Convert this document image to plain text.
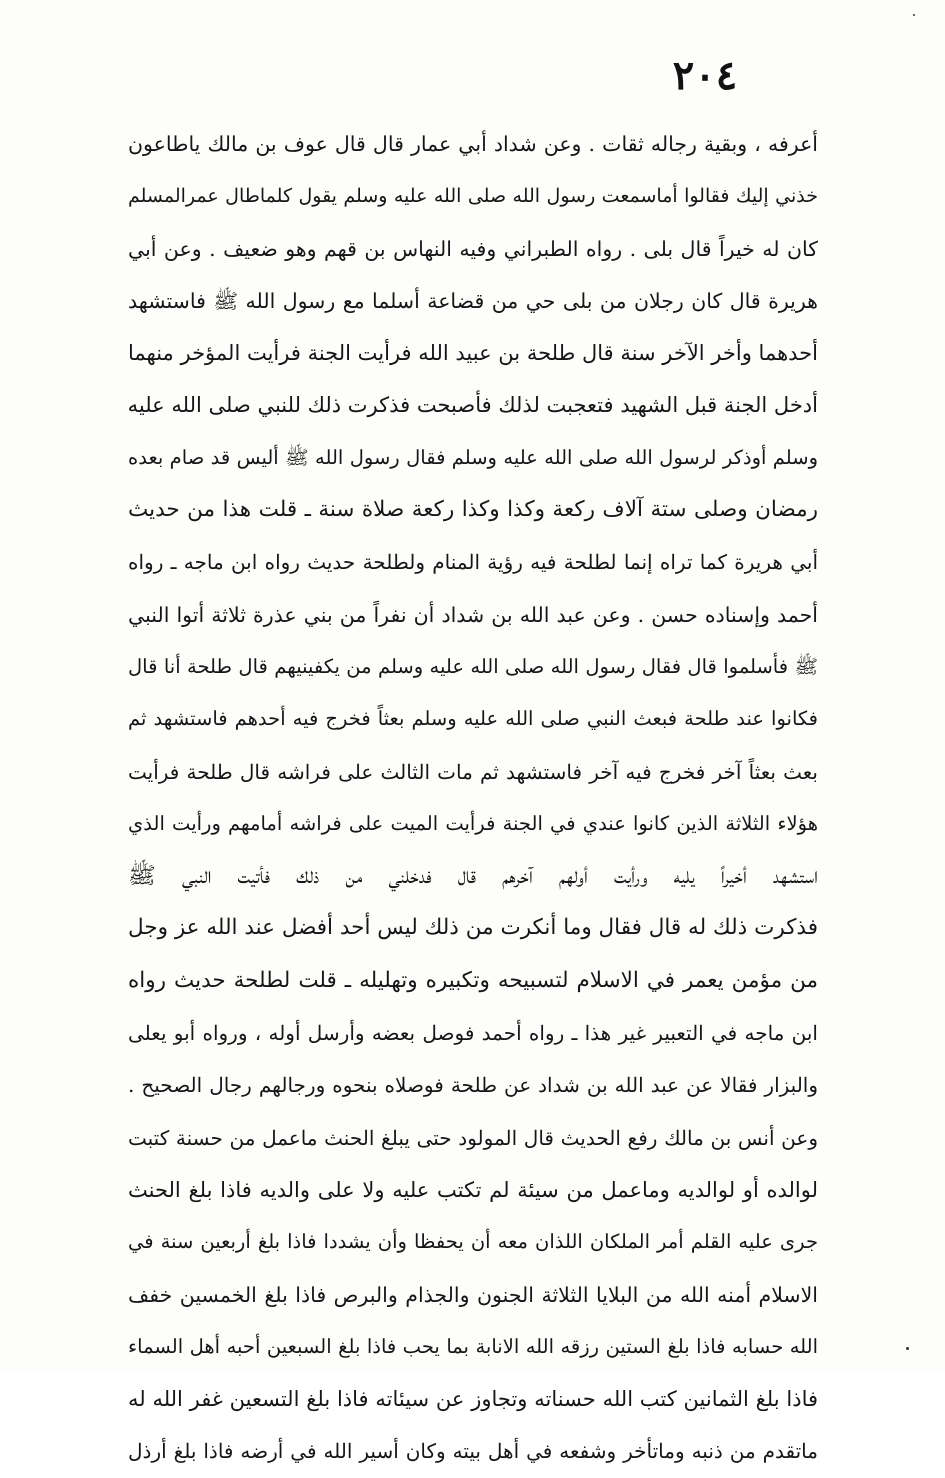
٢٠٤
أعرفه ، وبقية رجاله ثقات . وعن شداد أبي عمار قال قال عوف بن مالك ياطاعون
خذني إليك فقالوا أماسمعت رسول الله صلى الله عليه وسلم يقول كلماطال عمرالمسلم
كان له خيراً قال بلى . رواه الطبراني وفيه النهاس بن قهم وهو ضعيف . وعن أبي
هريرة قال كان رجلان من بلى حي من قضاعة أسلما مع رسول الله ﷺ فاستشهد
أحدهما وأخر الآخر سنة قال طلحة بن عبيد الله فرأيت الجنة فرأيت المؤخر منهما
أدخل الجنة قبل الشهيد فتعجبت لذلك فأصبحت فذكرت ذلك للنبي صلى الله عليه
وسلم أوذكر لرسول الله صلى الله عليه وسلم فقال رسول الله ﷺ أليس قد صام بعده
رمضان وصلى ستة آلاف ركعة وكذا وكذا ركعة صلاة سنة ـ قلت هذا من حديث
أبي هريرة كما تراه إنما لطلحة فيه رؤية المنام ولطلحة حديث رواه ابن ماجه ـ رواه
أحمد وإسناده حسن . وعن عبد الله بن شداد أن نفراً من بني عذرة ثلاثة أتوا النبي
ﷺ فأسلموا قال فقال رسول الله صلى الله عليه وسلم من يكفينيهم قال طلحة أنا قال
فكانوا عند طلحة فبعث النبي صلى الله عليه وسلم بعثاً فخرج فيه أحدهم فاستشهد ثم
بعث بعثاً آخر فخرج فيه آخر فاستشهد ثم مات الثالث على فراشه قال طلحة فرأيت
هؤلاء الثلاثة الذين كانوا عندي في الجنة فرأيت الميت على فراشه أمامهم ورأيت الذي
استشهد أخيراً يليه ورأيت أولهم آخرهم قال فدخلني من ذلك فأتيت النبي ﷺ
فذكرت ذلك له قال فقال وما أنكرت من ذلك ليس أحد أفضل عند الله عز وجل
من مؤمن يعمر في الاسلام لتسبيحه وتكبيره وتهليله ـ قلت لطلحة حديث رواه
ابن ماجه في التعبير غير هذا ـ رواه أحمد فوصل بعضه وأرسل أوله ، ورواه أبو يعلى
والبزار فقالا عن عبد الله بن شداد عن طلحة فوصلاه بنحوه ورجالهم رجال الصحيح .
وعن أنس بن مالك رفع الحديث قال المولود حتى يبلغ الحنث ماعمل من حسنة كتبت
لوالده أو لوالديه وماعمل من سيئة لم تكتب عليه ولا على والديه فاذا بلغ الحنث
جرى عليه القلم أمر الملكان اللذان معه أن يحفظا وأن يشددا فاذا بلغ أربعين سنة في
الاسلام أمنه الله من البلايا الثلاثة الجنون والجذام والبرص فاذا بلغ الخمسين خفف
الله حسابه فاذا بلغ الستين رزقه الله الانابة بما يحب فاذا بلغ السبعين أحبه أهل السماء
فاذا بلغ الثمانين كتب الله حسناته وتجاوز عن سيئاته فاذا بلغ التسعين غفر الله له
ماتقدم من ذنبه وماتأخر وشفعه في أهل بيته وكان أسير الله في أرضه فاذا بلغ أرذل
